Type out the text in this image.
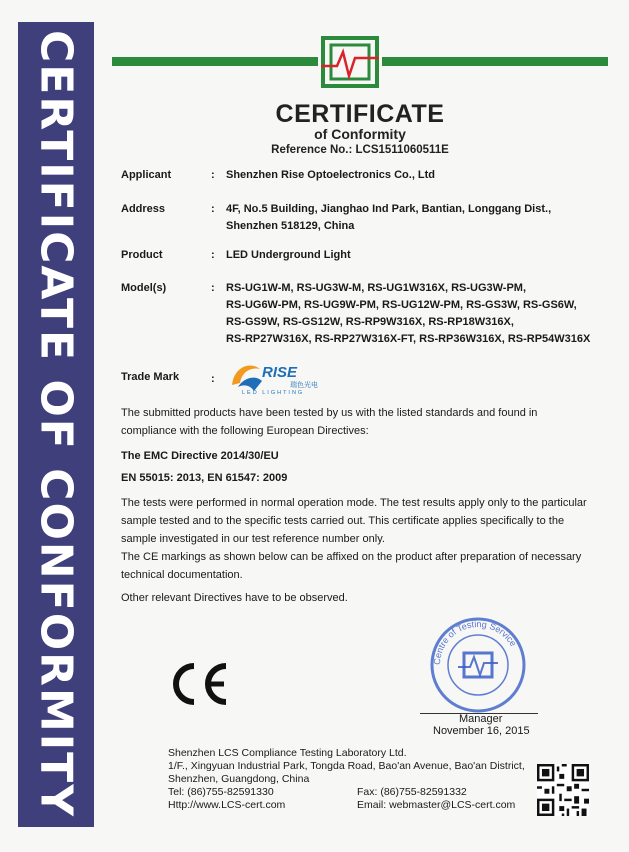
CERTIFICATE OF CONFORMITY	CERTIFICATE
of Conformity
Reference No.: LCS1511060511E
Applicant	: Shenzhen Rise Optoelectronics Co., Ltd
Address	: 4F, No.5 Building, Jianghao Ind Park, Bantian, Longgang Dist.,
Shenzhen 518129, China
Product	: LED Underground Light
Model(s)	: RS-UG1W-M, RS-UG3W-M, RS-UG1W316X, RS-UG3W-PM,
RS-UG6W-PM, RS-UG9W-PM, RS-UG12W-PM, RS-GS3W, RS-GS6W,
RS-GS9W, RS-GS12W, RS-RP9W316X, RS-RP18W316X,
RS-RP27W316X, RS-RP27W316X-FT, RS-RP36W316X, RS-RP54W316X
Trade Mark	:	RISE
瑞色光电
LED LIGHTING
The submitted products have been tested by us with the listed standards and found in compliance with the following European Directives:
The EMC Directive 2014/30/EU
EN 55015: 2013, EN 61547: 2009
The tests were performed in normal operation mode. The test results apply only to the particular sample tested and to the specific tests carried out. This certificate applies specifically to the sample investigated in our test reference number only.
The CE markings as shown below can be affixed on the product after preparation of necessary technical documentation.
Other relevant Directives have to be observed.
Centre of Testing Service
Manager
November 16, 2015
Shenzhen LCS Compliance Testing Laboratory Ltd.
1/F., Xingyuan Industrial Park, Tongda Road, Bao'an Avenue, Bao'an District,
Shenzhen, Guangdong, China
Tel: (86)755-82591330	Fax: (86)755-82591332
Http://www.LCS-cert.com	Email: webmaster@LCS-cert.com
